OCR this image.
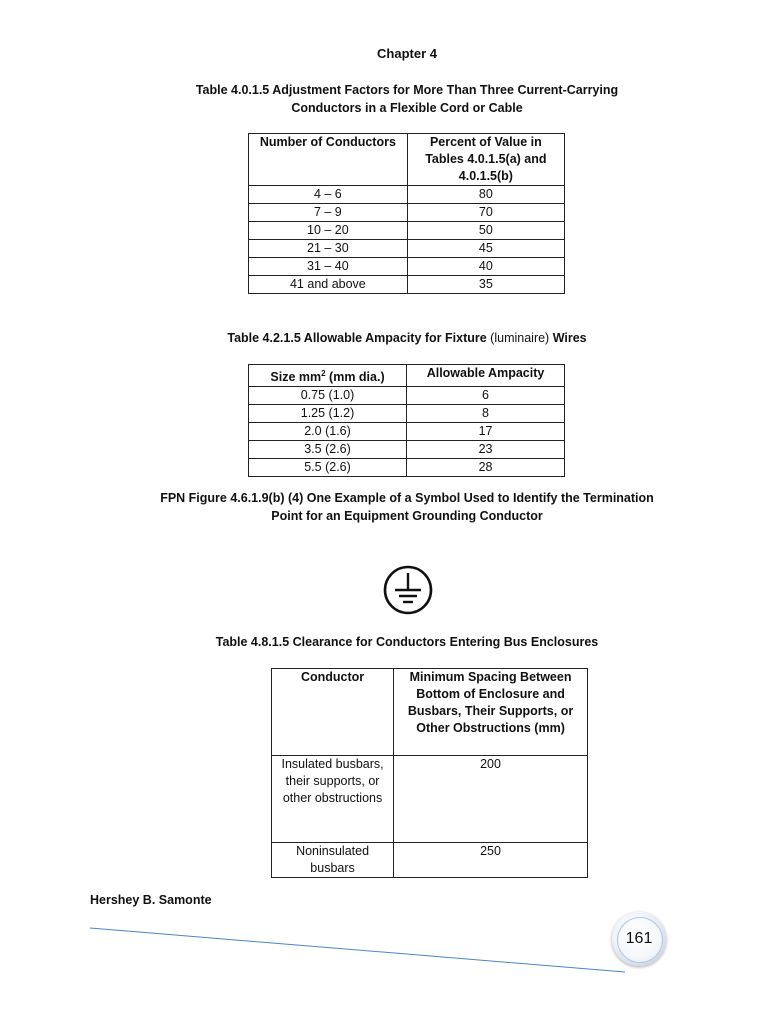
Chapter 4
Table 4.0.1.5 Adjustment Factors for More Than Three Current-Carrying Conductors in a Flexible Cord or Cable
Number of Conductors	Percent of Value in Tables 4.0.1.5(a) and 4.0.1.5(b)
4 – 6	80
7 – 9	70
10 – 20	50
21 – 30	45
31 – 40	40
41 and above	35
Table 4.2.1.5 Allowable Ampacity for Fixture (luminaire) Wires
Size $mm^2$ (mm dia.)	Allowable Ampacity
0.75 (1.0)	6
1.25 (1.2)	8
2.0 (1.6)	17
3.5 (2.6)	23
5.5 (2.6)	28
FPN Figure 4.6.1.9(b) (4) One Example of a Symbol Used to Identify the Termination Point for an Equipment Grounding Conductor
Table 4.8.1.5 Clearance for Conductors Entering Bus Enclosures
Conductor	Minimum Spacing Between Bottom of Enclosure and Busbars, Their Supports, or Other Obstructions (mm)
Insulated busbars, their supports, or other obstructions	200
Noninsulated busbars	250
Hershey B. Samonte
161
